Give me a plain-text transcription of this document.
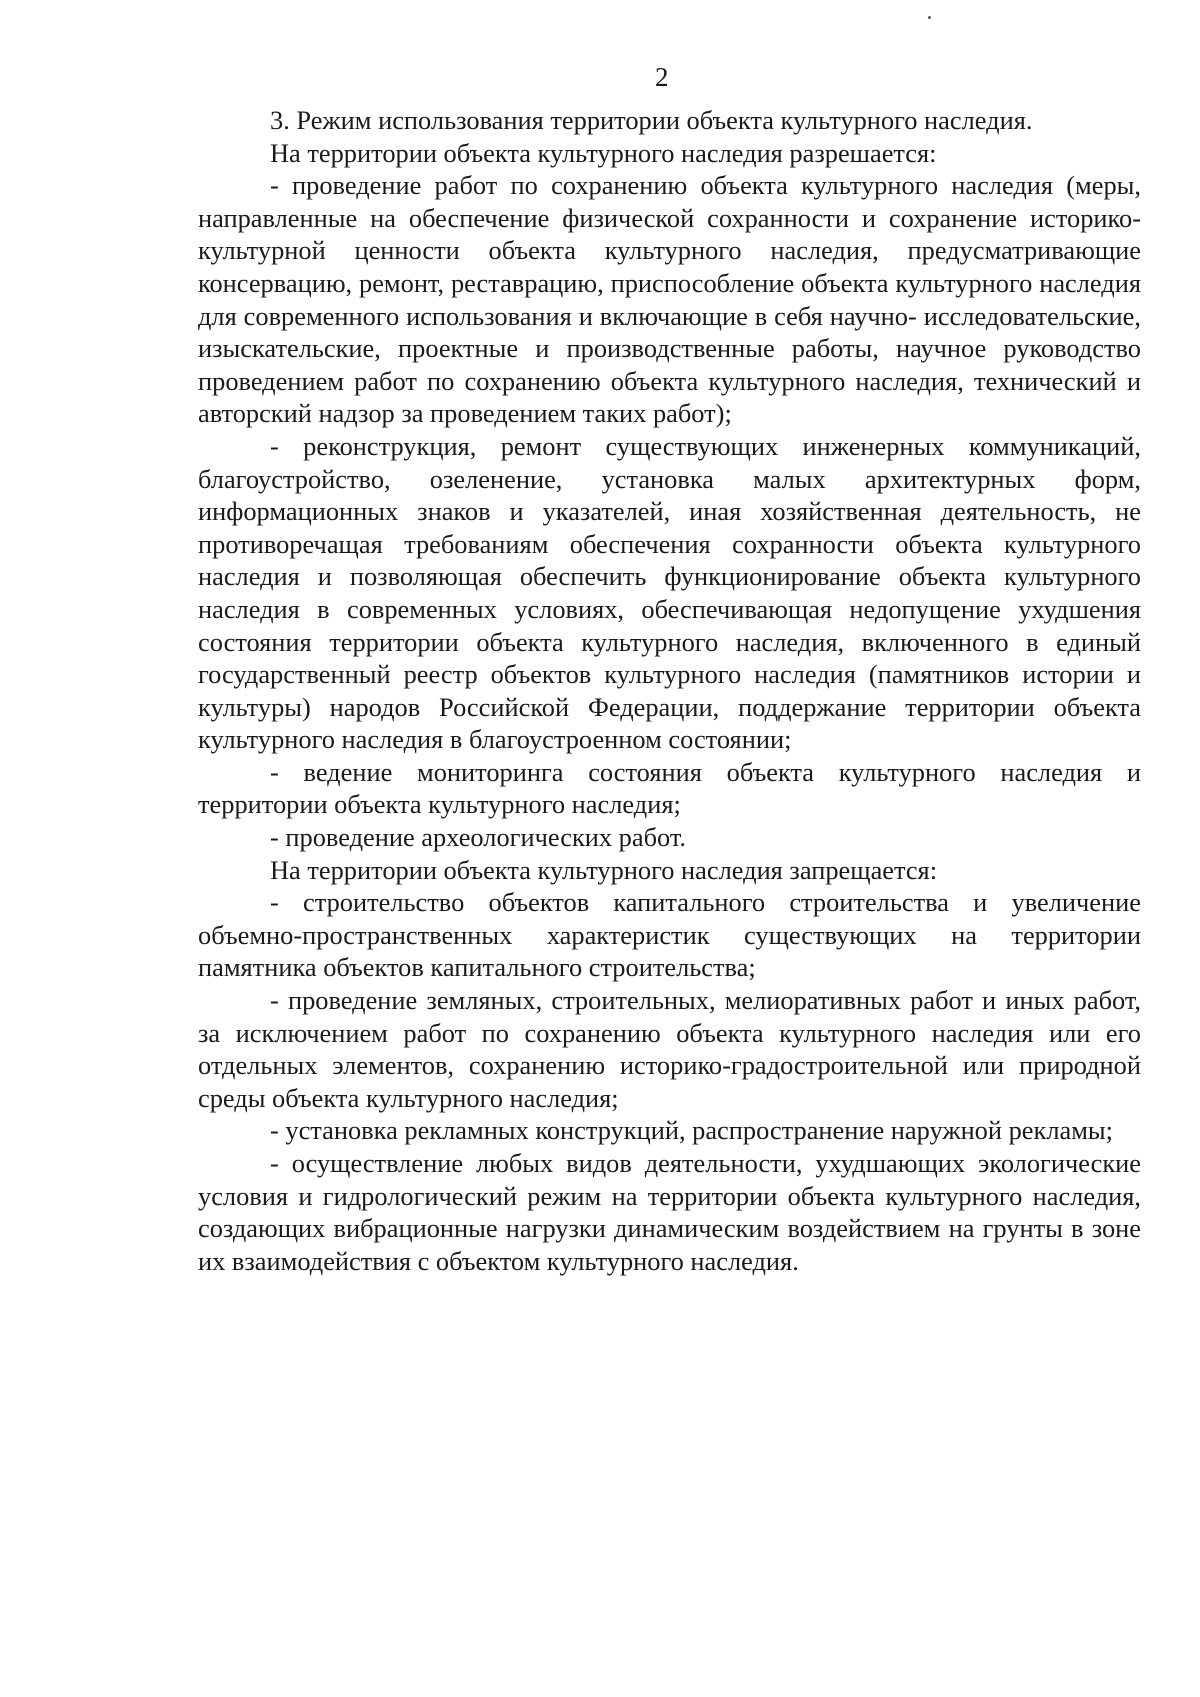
2

3. Режим использования территории объекта культурного наследия.

На территории объекта культурного наследия разрешается:

- проведение работ по сохранению объекта культурного наследия (меры, направленные на обеспечение физической сохранности и сохранение историко-культурной ценности объекта культурного наследия, предусматривающие консервацию, ремонт, реставрацию, приспособление объекта культурного наследия для современного использования и включающие в себя научно- исследовательские, изыскательские, проектные и производственные работы, научное руководство проведением работ по сохранению объекта культурного наследия, технический и авторский надзор за проведением таких работ);

- реконструкция, ремонт существующих инженерных коммуникаций, благоустройство, озеленение, установка малых архитектурных форм, информационных знаков и указателей, иная хозяйственная деятельность, не противоречащая требованиям обеспечения сохранности объекта культурного наследия и позволяющая обеспечить функционирование объекта культурного наследия в современных условиях, обеспечивающая недопущение ухудшения состояния территории объекта культурного наследия, включенного в единый государственный реестр объектов культурного наследия (памятников истории и культуры) народов Российской Федерации, поддержание территории объекта культурного наследия в благоустроенном состоянии;

- ведение мониторинга состояния объекта культурного наследия и территории объекта культурного наследия;

- проведение археологических работ.

На территории объекта культурного наследия запрещается:

- строительство объектов капитального строительства и увеличение объемно-пространственных характеристик существующих на территории памятника объектов капитального строительства;

- проведение земляных, строительных, мелиоративных работ и иных работ, за исключением работ по сохранению объекта культурного наследия или его отдельных элементов, сохранению историко-градостроительной или природной среды объекта культурного наследия;

- установка рекламных конструкций, распространение наружной рекламы;

- осуществление любых видов деятельности, ухудшающих экологические условия и гидрологический режим на территории объекта культурного наследия, создающих вибрационные нагрузки динамическим воздействием на грунты в зоне их взаимодействия с объектом культурного наследия.
